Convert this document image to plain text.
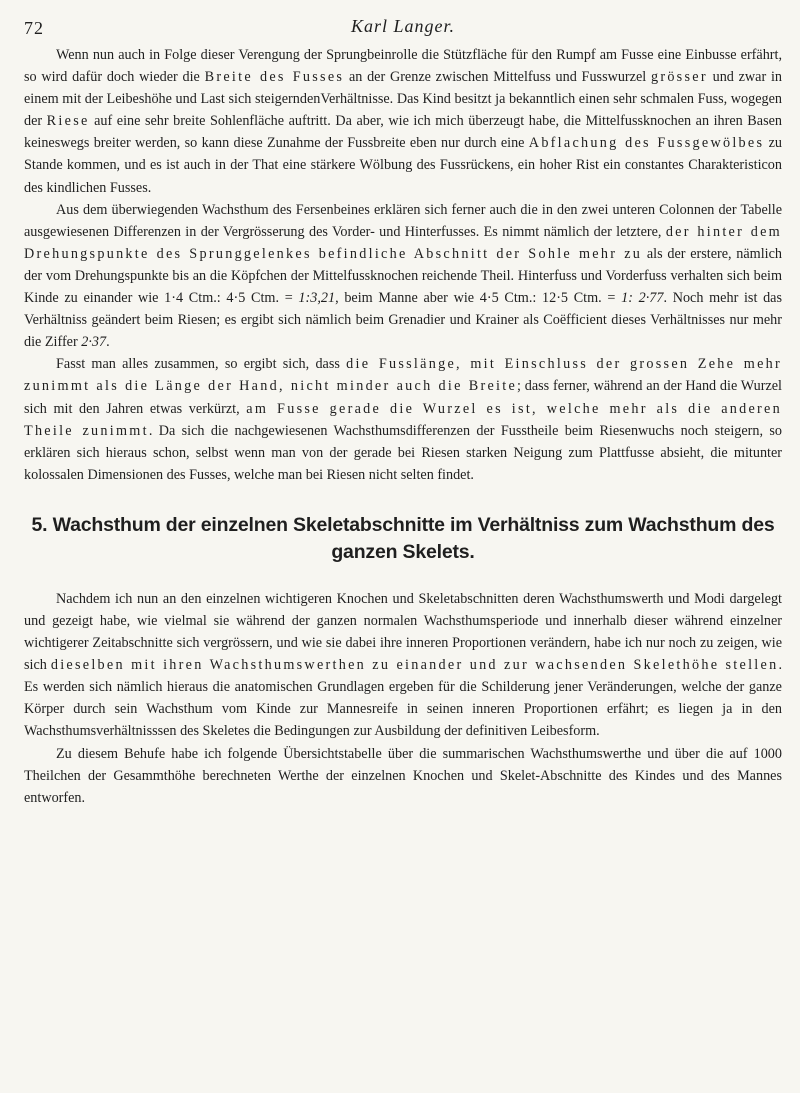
72	Karl Langer.

Wenn nun auch in Folge dieser Verengung der Sprungbeinrolle die Stützfläche für den Rumpf am Fusse eine Einbusse erfährt, so wird dafür doch wieder die Breite des Fusses an der Grenze zwischen Mittelfuss und Fusswurzel grösser und zwar in einem mit der Leibeshöhe und Last sich steigerndenVerhältnisse. Das Kind besitzt ja bekanntlich einen sehr schmalen Fuss, wogegen der Riese auf eine sehr breite Sohlenfläche auftritt. Da aber, wie ich mich überzeugt habe, die Mittelfussknochen an ihren Basen keineswegs breiter werden, so kann diese Zunahme der Fussbreite eben nur durch eine Abflachung des Fussgewölbes zu Stande kommen, und es ist auch in der That eine stärkere Wölbung des Fussrückens, ein hoher Rist ein constantes Charakteristicon des kindlichen Fusses.

Aus dem überwiegenden Wachsthum des Fersenbeines erklären sich ferner auch die in den zwei unteren Colonnen der Tabelle ausgewiesenen Differenzen in der Vergrösserung des Vorder- und Hinterfusses. Es nimmt nämlich der letztere, der hinter dem Drehungspunkte des Sprunggelenkes befindliche Abschnitt der Sohle mehr zu als der erstere, nämlich der vom Drehungspunkte bis an die Köpfchen der Mittelfussknochen reichende Theil. Hinterfuss und Vorderfuss verhalten sich beim Kinde zu einander wie 1·4 Ctm.: 4·5 Ctm. = 1:3,21, beim Manne aber wie 4·5 Ctm.: 12·5 Ctm. = 1: 2·77. Noch mehr ist das Verhältniss geändert beim Riesen; es ergibt sich nämlich beim Grenadier und Krainer als Coëfficient dieses Verhältnisses nur mehr die Ziffer 2·37.

Fasst man alles zusammen, so ergibt sich, dass die Fusslänge, mit Einschluss der grossen Zehe mehr zunimmt als die Länge der Hand, nicht minder auch die Breite; dass ferner, während an der Hand die Wurzel sich mit den Jahren etwas verkürzt, am Fusse gerade die Wurzel es ist, welche mehr als die anderen Theile zunimmt. Da sich die nachgewiesenen Wachsthumsdifferenzen der Fusstheile beim Riesenwuchs noch steigern, so erklären sich hieraus schon, selbst wenn man von der gerade bei Riesen starken Neigung zum Plattfusse absieht, die mitunter kolossalen Dimensionen des Fusses, welche man bei Riesen nicht selten findet.

5. Wachsthum der einzelnen Skeletabschnitte im Verhältniss zum Wachsthum des ganzen Skelets.

Nachdem ich nun an den einzelnen wichtigeren Knochen und Skeletabschnitten deren Wachsthumswerth und Modi dargelegt und gezeigt habe, wie vielmal sie während der ganzen normalen Wachsthumsperiode und innerhalb dieser während einzelner wichtigerer Zeitabschnitte sich vergrössern, und wie sie dabei ihre inneren Proportionen verändern, habe ich nur noch zu zeigen, wie sich dieselben mit ihren Wachsthumswerthen zu einander und zur wachsenden Skelethöhe stellen. Es werden sich nämlich hieraus die anatomischen Grundlagen ergeben für die Schilderung jener Veränderungen, welche der ganze Körper durch sein Wachsthum vom Kinde zur Mannesreife in seinen inneren Proportionen erfährt; es liegen ja in den Wachsthumsverhältnisssen des Skeletes die Bedingungen zur Ausbildung der definitiven Leibesform.

Zu diesem Behufe habe ich folgende Übersichtstabelle über die summarischen Wachsthumswerthe und über die auf 1000 Theilchen der Gesammthöhe berechneten Werthe der einzelnen Knochen und Skelet-Abschnitte des Kindes und des Mannes entworfen.
